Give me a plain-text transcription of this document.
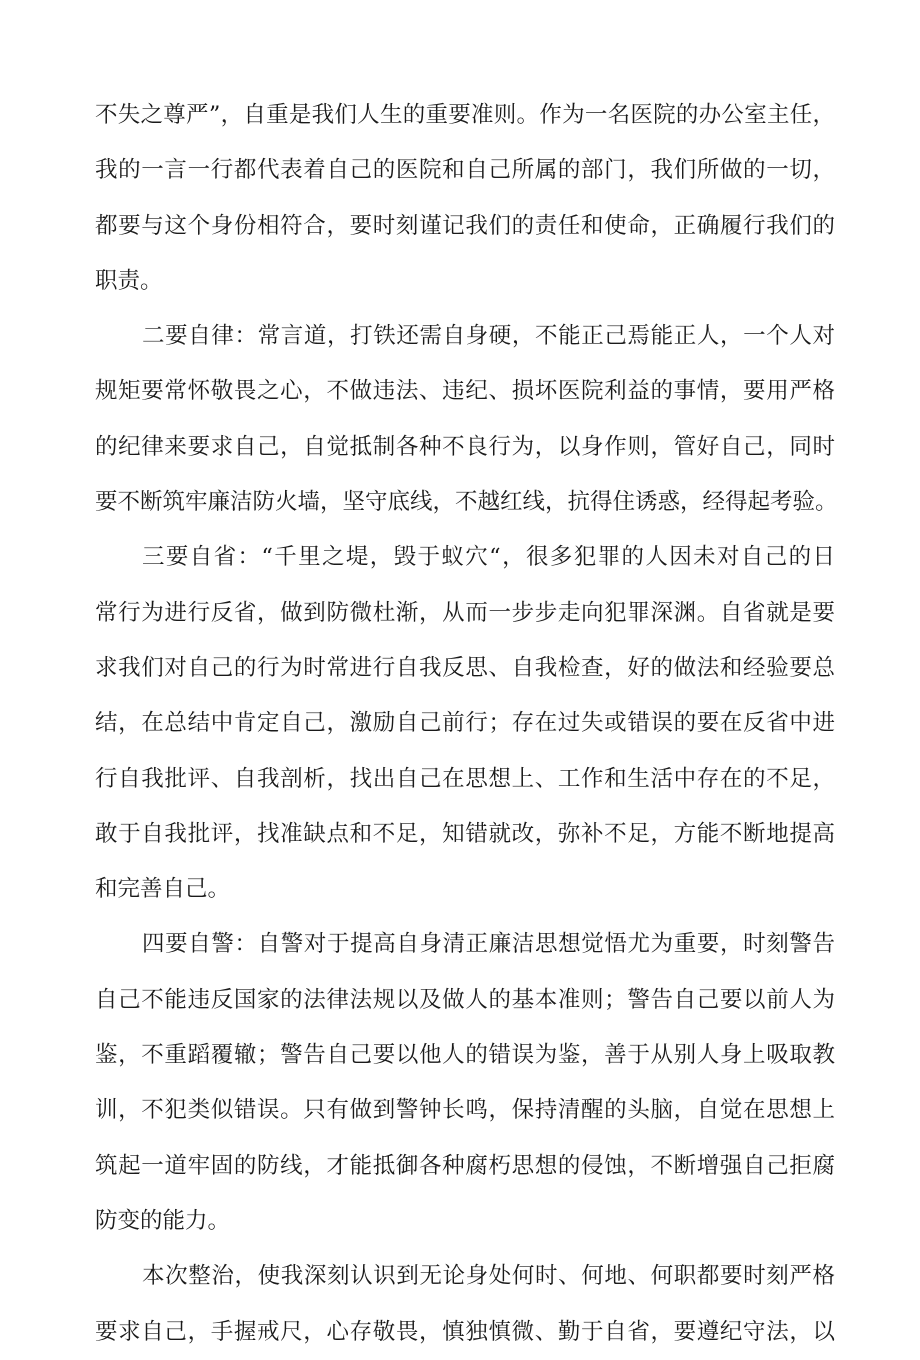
不失之尊严”，自重是我们人生的重要准则。作为一名医院的办公室主任，
我的一言一行都代表着自己的医院和自己所属的部门，我们所做的一切，
都要与这个身份相符合，要时刻谨记我们的责任和使命，正确履行我们的
职责。
二要自律：常言道，打铁还需自身硬，不能正己焉能正人，一个人对
规矩要常怀敬畏之心，不做违法、违纪、损坏医院利益的事情，要用严格
的纪律来要求自己，自觉抵制各种不良行为，以身作则，管好自己，同时
要不断筑牢廉洁防火墙，坚守底线，不越红线，抗得住诱惑，经得起考验。
三要自省：“千里之堤，毁于蚁穴“，很多犯罪的人因未对自己的日
常行为进行反省，做到防微杜渐，从而一步步走向犯罪深渊。自省就是要
求我们对自己的行为时常进行自我反思、自我检查，好的做法和经验要总
结，在总结中肯定自己，激励自己前行；存在过失或错误的要在反省中进
行自我批评、自我剖析，找出自己在思想上、工作和生活中存在的不足，
敢于自我批评，找准缺点和不足，知错就改，弥补不足，方能不断地提高
和完善自己。
四要自警：自警对于提高自身清正廉洁思想觉悟尤为重要，时刻警告
自己不能违反国家的法律法规以及做人的基本准则；警告自己要以前人为
鉴，不重蹈覆辙；警告自己要以他人的错误为鉴，善于从别人身上吸取教
训，不犯类似错误。只有做到警钟长鸣，保持清醒的头脑，自觉在思想上
筑起一道牢固的防线，才能抵御各种腐朽思想的侵蚀，不断增强自己拒腐
防变的能力。
本次整治，使我深刻认识到无论身处何时、何地、何职都要时刻严格
要求自己，手握戒尺，心存敬畏，慎独慎微、勤于自省，要遵纪守法，以
